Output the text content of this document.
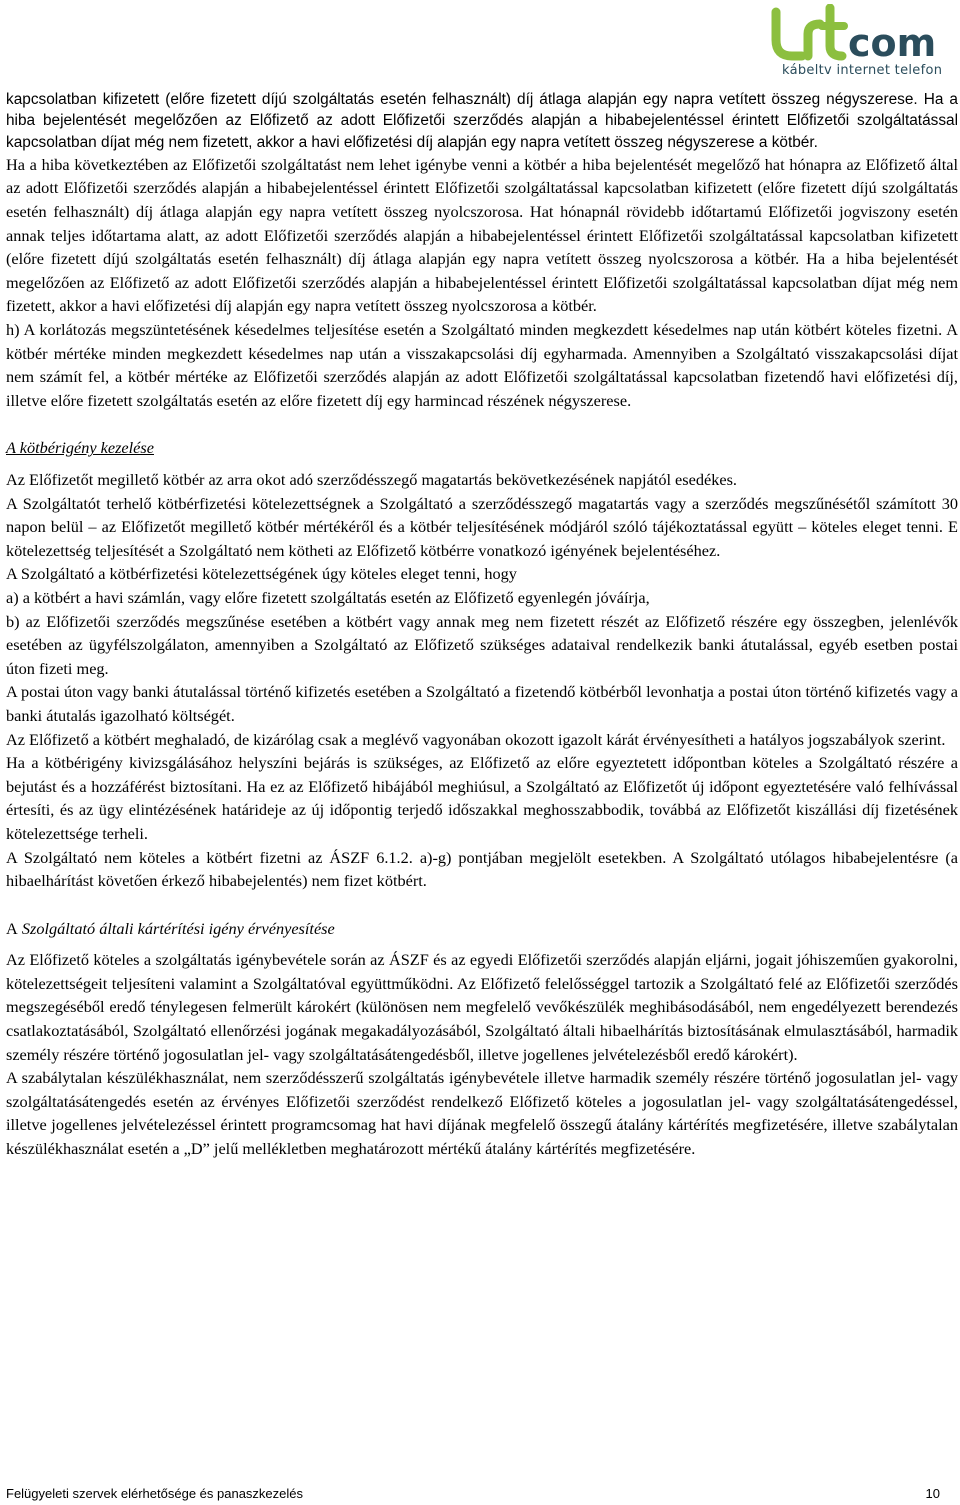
com
kábeltv internet telefon

kapcsolatban kifizetett (előre fizetett díjú szolgáltatás esetén felhasznált) díj átlaga alapján egy napra vetített összeg négyszerese. Ha a hiba bejelentését megelőzően az Előfizető az adott Előfizetői szerződés alapján a hibabejelentéssel érintett Előfizetői szolgáltatással kapcsolatban díjat még nem fizetett, akkor a havi előfizetési díj alapján egy napra vetített összeg négyszerese a kötbér.

Ha a hiba következtében az Előfizetői szolgáltatást nem lehet igénybe venni a kötbér a hiba bejelentését megelőző hat hónapra az Előfizető által az adott Előfizetői szerződés alapján a hibabejelentéssel érintett Előfizetői szolgáltatással kapcsolatban kifizetett (előre fizetett díjú szolgáltatás esetén felhasznált) díj átlaga alapján egy napra vetített összeg nyolcszorosa. Hat hónapnál rövidebb időtartamú Előfizetői jogviszony esetén annak teljes időtartama alatt, az adott Előfizetői szerződés alapján a hibabejelentéssel érintett Előfizetői szolgáltatással kapcsolatban kifizetett (előre fizetett díjú szolgáltatás esetén felhasznált) díj átlaga alapján egy napra vetített összeg nyolcszorosa a kötbér. Ha a hiba bejelentését megelőzően az Előfizető az adott Előfizetői szerződés alapján a hibabejelentéssel érintett Előfizetői szolgáltatással kapcsolatban díjat még nem fizetett, akkor a havi előfizetési díj alapján egy napra vetített összeg nyolcszorosa a kötbér.

h) A korlátozás megszüntetésének késedelmes teljesítése esetén a Szolgáltató minden megkezdett késedelmes nap után kötbért köteles fizetni. A kötbér mértéke minden megkezdett késedelmes nap után a visszakapcsolási díj egyharmada. Amennyiben a Szolgáltató visszakapcsolási díjat nem számít fel, a kötbér mértéke az Előfizetői szerződés alapján az adott Előfizetői szolgáltatással kapcsolatban fizetendő havi előfizetési díj, illetve előre fizetett szolgáltatás esetén az előre fizetett díj egy harmincad részének négyszerese.

A kötbérigény kezelése

Az Előfizetőt megillető kötbér az arra okot adó szerződésszegő magatartás bekövetkezésének napjától esedékes.

A Szolgáltatót terhelő kötbérfizetési kötelezettségnek a Szolgáltató a szerződésszegő magatartás vagy a szerződés megszűnésétől számított 30 napon belül – az Előfizetőt megillető kötbér mértékéről és a kötbér teljesítésének módjáról szóló tájékoztatással együtt – köteles eleget tenni. E kötelezettség teljesítését a Szolgáltató nem kötheti az Előfizető kötbérre vonatkozó igényének bejelentéséhez.

A Szolgáltató a kötbérfizetési kötelezettségének úgy köteles eleget tenni, hogy

a) a kötbért a havi számlán, vagy előre fizetett szolgáltatás esetén az Előfizető egyenlegén jóváírja,

b) az Előfizetői szerződés megszűnése esetében a kötbért vagy annak meg nem fizetett részét az Előfizető részére egy összegben, jelenlévők esetében az ügyfélszolgálaton, amennyiben a Szolgáltató az Előfizető szükséges adataival rendelkezik banki átutalással, egyéb esetben postai úton fizeti meg.

A postai úton vagy banki átutalással történő kifizetés esetében a Szolgáltató a fizetendő kötbérből levonhatja a postai úton történő kifizetés vagy a banki átutalás igazolható költségét.

Az Előfizető a kötbért meghaladó, de kizárólag csak a meglévő vagyonában okozott igazolt kárát érvényesítheti a hatályos jogszabályok szerint.

Ha a kötbérigény kivizsgálásához helyszíni bejárás is szükséges, az Előfizető az előre egyeztetett időpontban köteles a Szolgáltató részére a bejutást és a hozzáférést biztosítani. Ha ez az Előfizető hibájából meghiúsul, a Szolgáltató az Előfizetőt új időpont egyeztetésére való felhívással értesíti, és az ügy elintézésének határideje az új időpontig terjedő időszakkal meghosszabbodik, továbbá az Előfizetőt kiszállási díj fizetésének kötelezettsége terheli.

A Szolgáltató nem köteles a kötbért fizetni az ÁSZF 6.1.2. a)-g) pontjában megjelölt esetekben. A Szolgáltató utólagos hibabejelentésre (a hibaelhárítást követően érkező hibabejelentés) nem fizet kötbért.

A Szolgáltató általi kártérítési igény érvényesítése

Az Előfizető köteles a szolgáltatás igénybevétele során az ÁSZF és az egyedi Előfizetői szerződés alapján eljárni, jogait jóhiszeműen gyakorolni, kötelezettségeit teljesíteni valamint a Szolgáltatóval együttműködni. Az Előfizető felelősséggel tartozik a Szolgáltató felé az Előfizetői szerződés megszegéséből eredő ténylegesen felmerült károkért (különösen nem megfelelő vevőkészülék meghibásodásából, nem engedélyezett berendezés csatlakoztatásából, Szolgáltató ellenőrzési jogának megakadályozásából, Szolgáltató általi hibaelhárítás biztosításának elmulasztásából, harmadik személy részére történő jogosulatlan jel- vagy szolgáltatásátengedésből, illetve jogellenes jelvételezésből eredő károkért).

A szabálytalan készülékhasználat, nem szerződésszerű szolgáltatás igénybevétele illetve harmadik személy részére történő jogosulatlan jel- vagy szolgáltatásátengedés esetén az érvényes Előfizetői szerződést rendelkező Előfizető köteles a jogosulatlan jel- vagy szolgáltatásátengedéssel, illetve jogellenes jelvételezéssel érintett programcsomag hat havi díjának megfelelő összegű átalány kártérítés megfizetésére, illetve szabálytalan készülékhasználat esetén a „D” jelű mellékletben meghatározott mértékű átalány kártérítés megfizetésére.

Felügyeleti szervek elérhetősége és panaszkezelés	10
